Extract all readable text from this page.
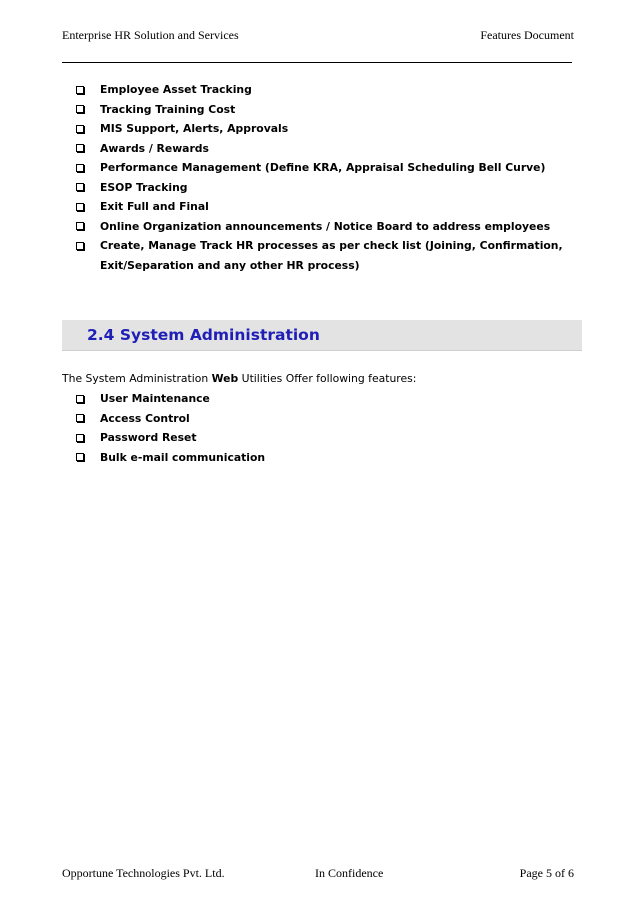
Enterprise HR Solution and Services	Features Document
Employee Asset Tracking
Tracking Training Cost
MIS Support, Alerts, Approvals
Awards / Rewards
Performance Management (Define KRA, Appraisal Scheduling Bell Curve)
ESOP Tracking
Exit Full and Final
Online Organization announcements / Notice Board to address employees
Create, Manage Track HR processes as per check list (Joining, Confirmation, Exit/Separation and any other HR process)
2.4 System Administration
The System Administration Web Utilities Offer following features:
User Maintenance
Access Control
Password Reset
Bulk e-mail communication
Opportune Technologies Pvt. Ltd.	In Confidence	Page 5 of 6
